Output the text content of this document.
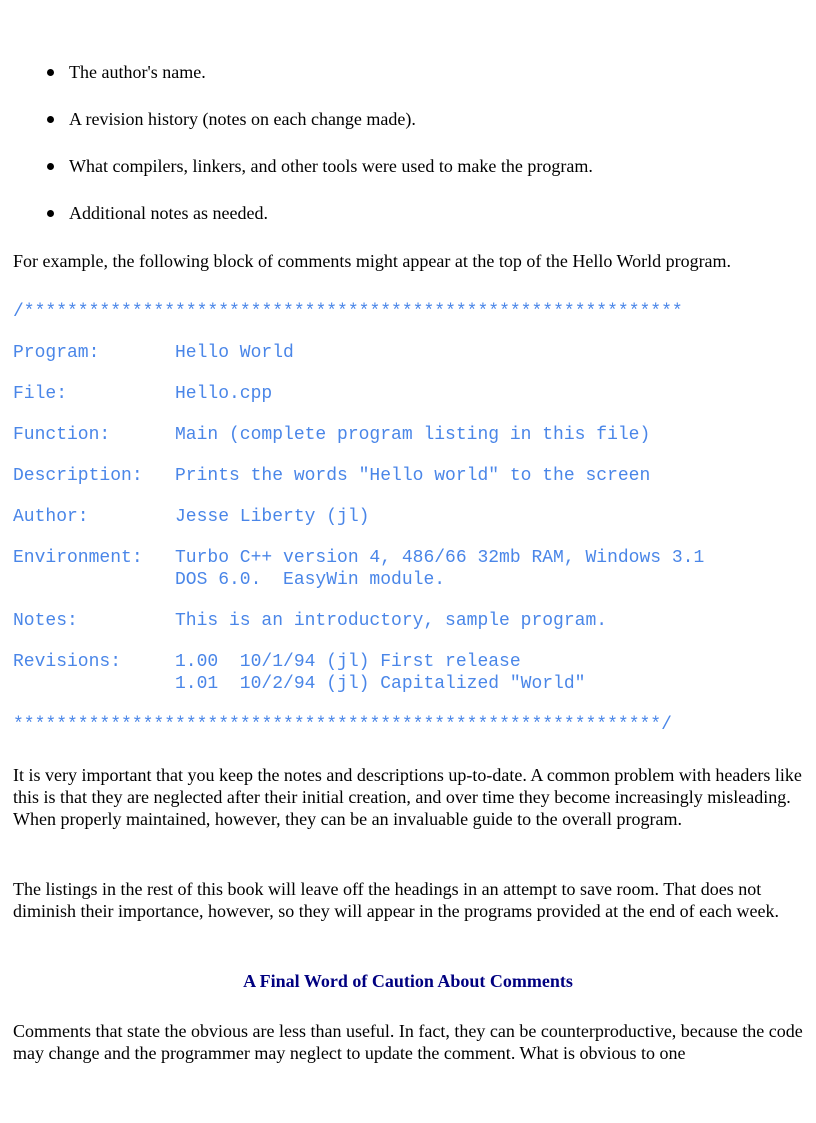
The author's name.
A revision history (notes on each change made).
What compilers, linkers, and other tools were used to make the program.
Additional notes as needed.

For example, the following block of comments might appear at the top of the Hello World program.

/*************************************************************
Program:	Hello World
File:	Hello.cpp
Function:	Main (complete program listing in this file)
Description: Prints the words "Hello world" to the screen
Author:	Jesse Liberty (jl)
Environment: Turbo C++ version 4, 486/66 32mb RAM, Windows 3.1
DOS 6.0.  EasyWin module.
Notes:	This is an introductory, sample program.
Revisions:	1.00  10/1/94 (jl) First release
1.01  10/2/94 (jl) Capitalized "World"
************************************************************/

It is very important that you keep the notes and descriptions up-to-date. A common problem with headers like this is that they are neglected after their initial creation, and over time they become increasingly misleading. When properly maintained, however, they can be an invaluable guide to the overall program.

The listings in the rest of this book will leave off the headings in an attempt to save room. That does not diminish their importance, however, so they will appear in the programs provided at the end of each week.

A Final Word of Caution About Comments

Comments that state the obvious are less than useful. In fact, they can be counterproductive, because the code may change and the programmer may neglect to update the comment. What is obvious to one
